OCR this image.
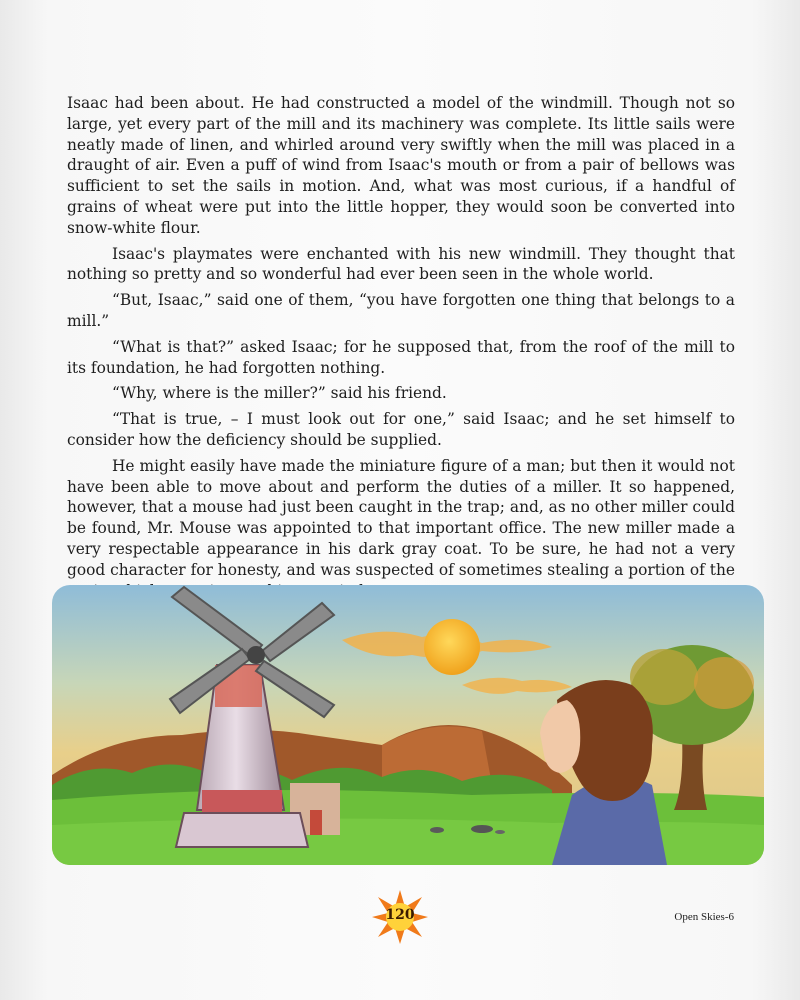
Isaac had been about. He had constructed a model of the windmill. Though not so large, yet every part of the mill and its machinery was complete. Its little sails were neatly made of linen, and whirled around very swiftly when the mill was placed in a draught of air. Even a puff of wind from Isaac's mouth or from a pair of bellows was sufficient to set the sails in motion. And, what was most curious, if a handful of grains of wheat were put into the little hopper, they would soon be converted into snow-white flour.

Isaac's playmates were enchanted with his new windmill. They thought that nothing so pretty and so wonderful had ever been seen in the whole world.

“But, Isaac,” said one of them, “you have forgotten one thing that belongs to a mill.”

“What is that?” asked Isaac; for he supposed that, from the roof of the mill to its foundation, he had forgotten nothing.

“Why, where is the miller?” said his friend.

“That is true, – I must look out for one,” said Isaac; and he set himself to consider how the deficiency should be supplied.

He might easily have made the miniature figure of a man; but then it would not have been able to move about and perform the duties of a miller. It so happened, however, that a mouse had just been caught in the trap; and, as no other miller could be found, Mr. Mouse was appointed to that important office. The new miller made a very respectable appearance in his dark gray coat. To be sure, he had not a very good character for honesty, and was suspected of sometimes stealing a portion of the

120	Open Skies-6
